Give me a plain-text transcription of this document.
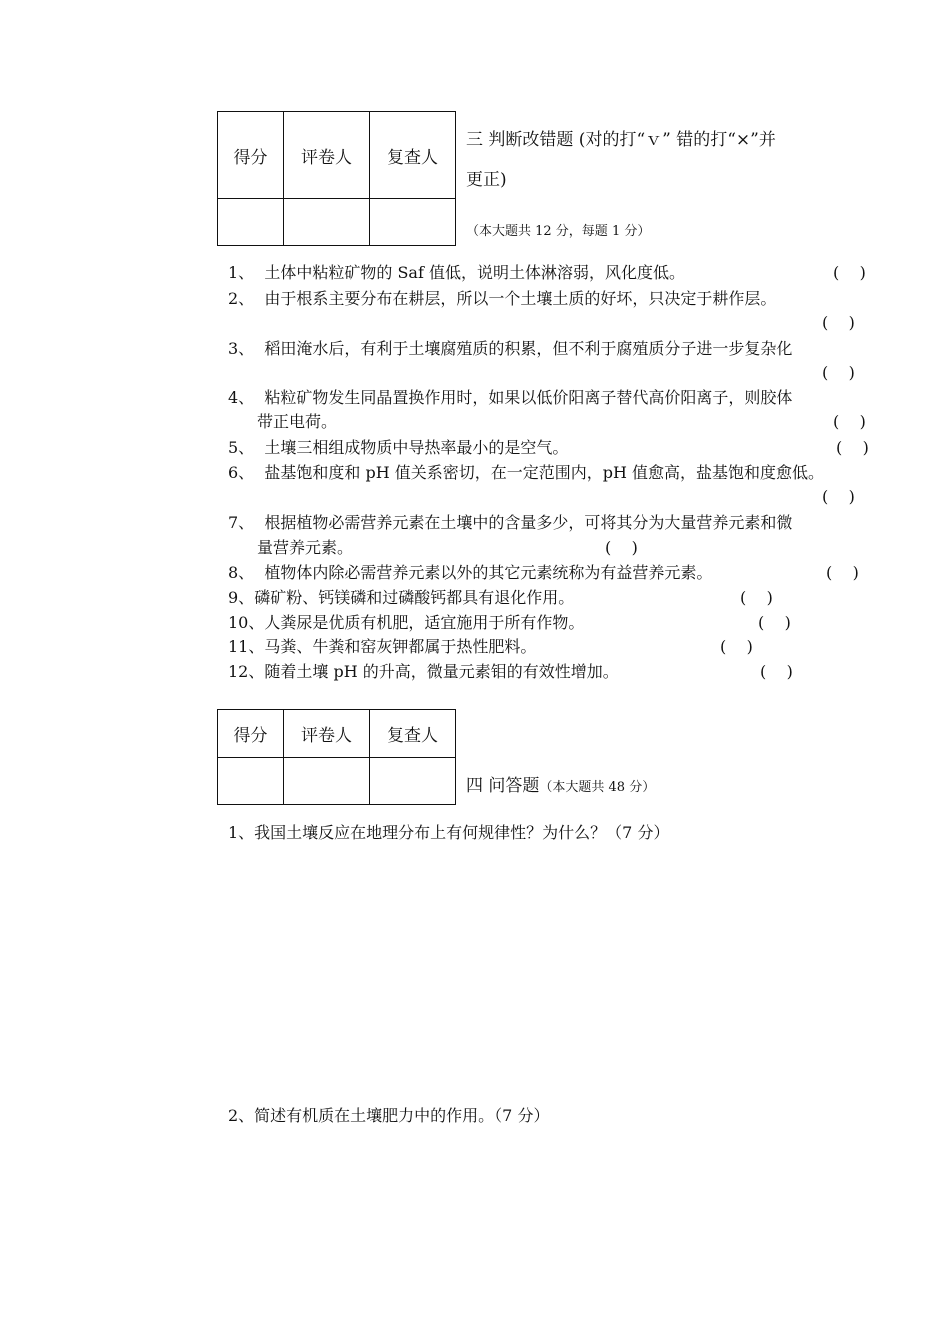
得分	评卷人	复查人

三 判断改错题 (对的打“ｖ” 错的打“×”并
更正)
（本大题共 12 分，每题 1 分）
1、 土体中粘粒矿物的 Saf 值低，说明土体淋溶弱，风化度低。	(    )
2、 由于根系主要分布在耕层，所以一个土壤土质的好坏，只决定于耕作层。
(    )
3、 稻田淹水后，有利于土壤腐殖质的积累，但不利于腐殖质分子进一步复杂化
(    )
4、 粘粒矿物发生同晶置换作用时，如果以低价阳离子替代高价阳离子，则胶体
带正电荷。	(    )
5、 土壤三相组成物质中导热率最小的是空气。	(    )
6、 盐基饱和度和 pH 值关系密切，在一定范围内，pH 值愈高，盐基饱和度愈低。
(    )
7、 根据植物必需营养元素在土壤中的含量多少，可将其分为大量营养元素和微
量营养元素。	(    )
8、 植物体内除必需营养元素以外的其它元素统称为有益营养元素。	(    )
9、磷矿粉、钙镁磷和过磷酸钙都具有退化作用。	(    )
10、人粪尿是优质有机肥，适宜施用于所有作物。	(    )
11、马粪、牛粪和窑灰钾都属于热性肥料。	(    )
12、随着土壤 pH 的升高，微量元素钼的有效性增加。	(    )
得分	评卷人	复查人

四 问答题（本大题共 48 分）
1、我国土壤反应在地理分布上有何规律性？为什么？（7 分）
2、简述有机质在土壤肥力中的作用。（7 分）
